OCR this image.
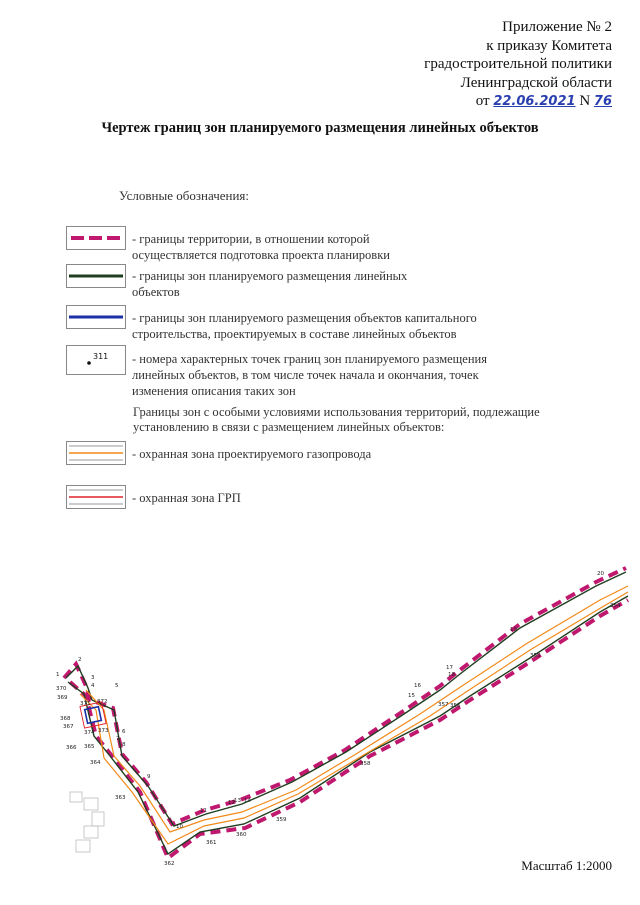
Приложение № 2
к приказу Комитета
градостроительной политики
Ленинградской области
от 22.06.2021 N 76
Чертеж границ зон планируемого размещения линейных объектов
Условные обозначения:
- границы территории, в отношении которой осуществляется подготовка проекта планировки
- границы зон планируемого размещения линейных объектов
- границы зон планируемого размещения объектов капитального строительства, проектируемых в составе линейных объектов
311 - номера характерных точек границ зон планируемого размещения линейных объектов, в том числе точек начала и окончания, точек изменения описания таких зон
Границы зон с особыми условиями использования территорий, подлежащие установлению в связи с размещением линейных объектов:
- охранная зона проектируемого газопровода
- охранная зона ГРП
1
2
3
4	5
6
7
8
9
10
11
12 13 14
15
16
17
18
19
20
354
355
356
357
358
359
360
361
362
363
364
365
366
367
368
369
370
371 372
373
374
Масштаб 1:2000
